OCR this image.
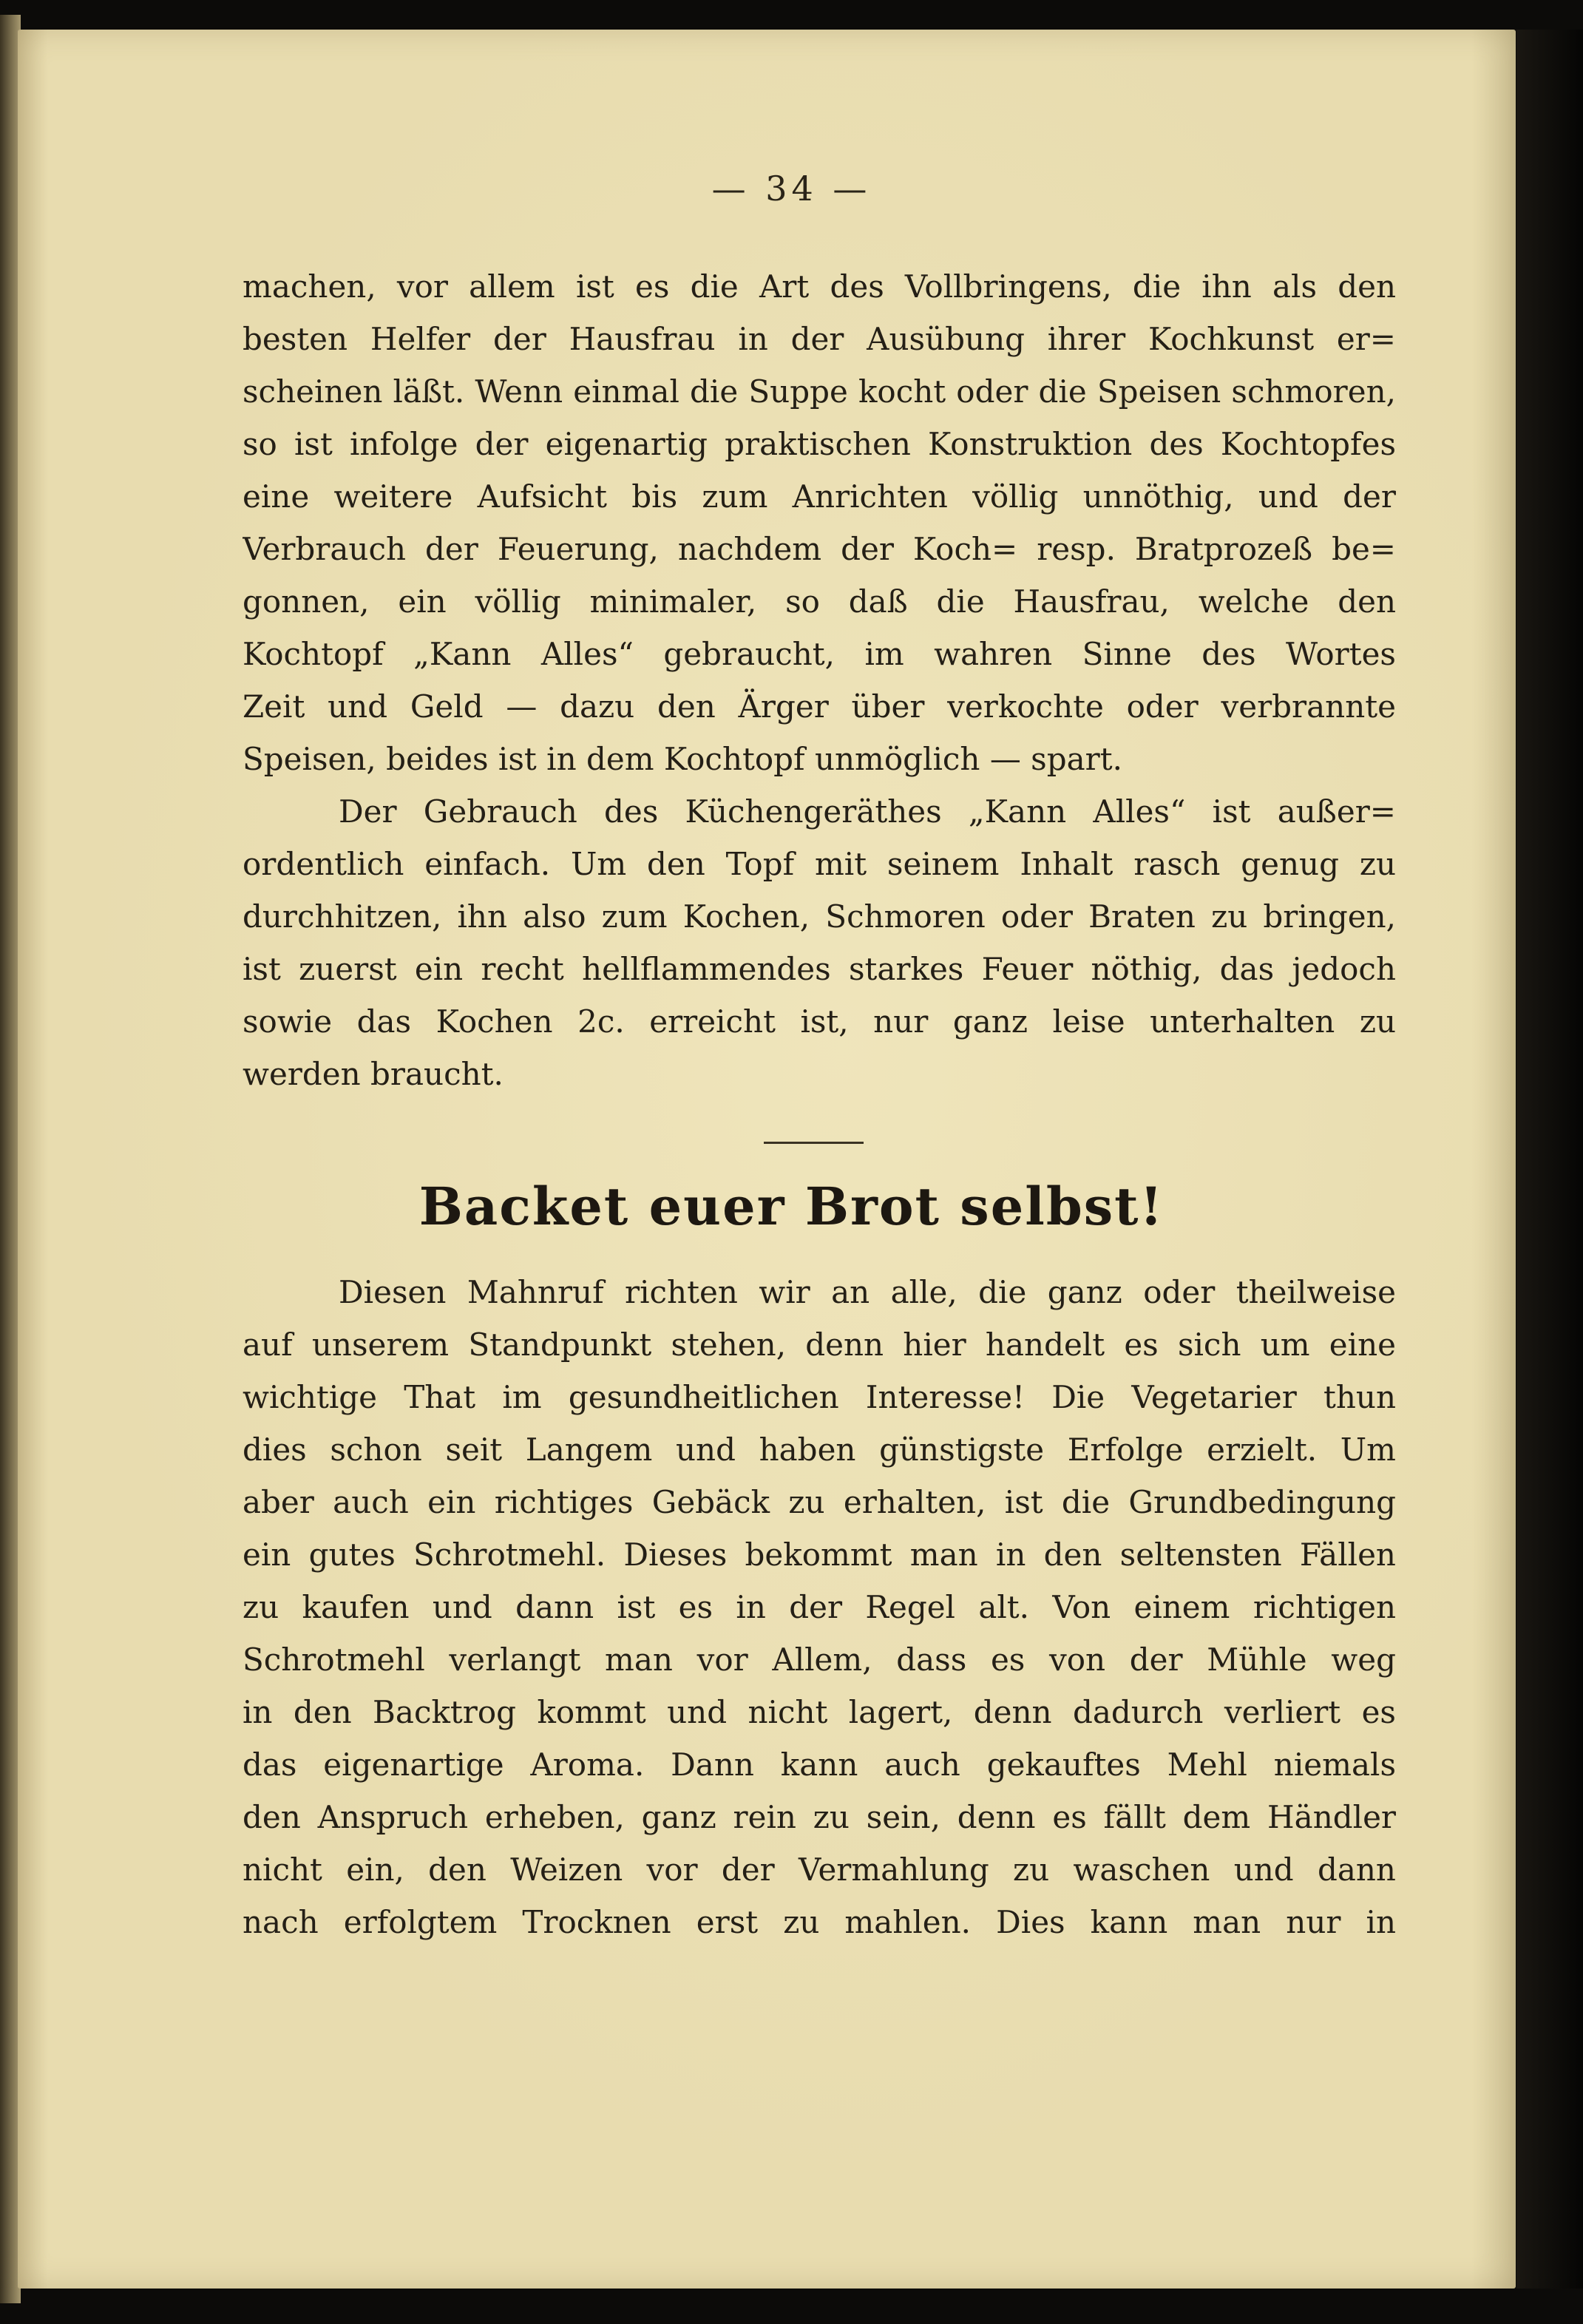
— 34 —
machen, vor allem ist es die Art des Vollbringens, die ihn als den
besten Helfer der Hausfrau in der Ausübung ihrer Kochkunst er=
scheinen läßt. Wenn einmal die Suppe kocht oder die Speisen schmoren,
so ist infolge der eigenartig praktischen Konstruktion des Kochtopfes
eine weitere Aufsicht bis zum Anrichten völlig unnöthig, und der
Verbrauch der Feuerung, nachdem der Koch= resp. Bratprozeß be=
gonnen, ein völlig minimaler, so daß die Hausfrau, welche den
Kochtopf „Kann Alles“ gebraucht, im wahren Sinne des Wortes
Zeit und Geld — dazu den Ärger über verkochte oder verbrannte
Speisen, beides ist in dem Kochtopf unmöglich — spart.
Der Gebrauch des Küchengeräthes „Kann Alles“ ist außer=
ordentlich einfach. Um den Topf mit seinem Inhalt rasch genug zu
durchhitzen, ihn also zum Kochen, Schmoren oder Braten zu bringen,
ist zuerst ein recht hellflammendes starkes Feuer nöthig, das jedoch
sowie das Kochen 2c. erreicht ist, nur ganz leise unterhalten zu
werden braucht.
Backet euer Brot selbst!
Diesen Mahnruf richten wir an alle, die ganz oder theilweise
auf unserem Standpunkt stehen, denn hier handelt es sich um eine
wichtige That im gesundheitlichen Interesse! Die Vegetarier thun
dies schon seit Langem und haben günstigste Erfolge erzielt. Um
aber auch ein richtiges Gebäck zu erhalten, ist die Grundbedingung
ein gutes Schrotmehl. Dieses bekommt man in den seltensten Fällen
zu kaufen und dann ist es in der Regel alt. Von einem richtigen
Schrotmehl verlangt man vor Allem, dass es von der Mühle weg
in den Backtrog kommt und nicht lagert, denn dadurch verliert es
das eigenartige Aroma. Dann kann auch gekauftes Mehl niemals
den Anspruch erheben, ganz rein zu sein, denn es fällt dem Händler
nicht ein, den Weizen vor der Vermahlung zu waschen und dann
nach erfolgtem Trocknen erst zu mahlen. Dies kann man nur in
